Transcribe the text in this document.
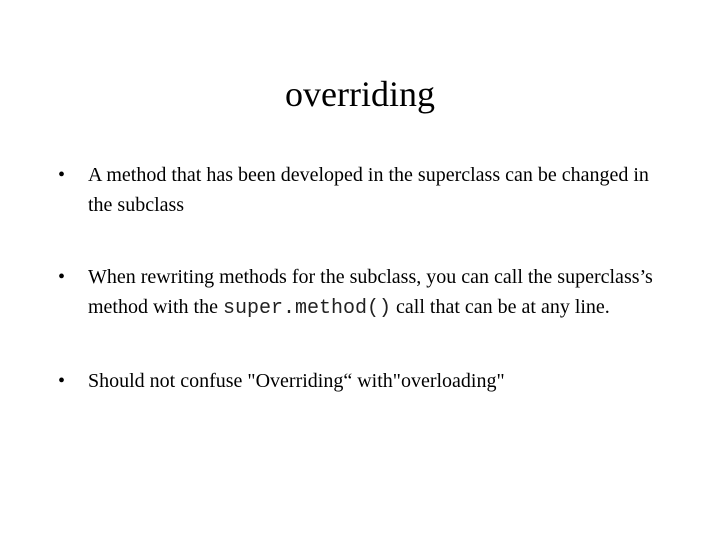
overriding
•	A method that has been developed in the superclass can be changed in the subclass
•	When rewriting methods for the subclass, you can call the superclass’s method with the super.method() call that can be at any line.
•	Should not confuse "Overriding“ with"overloading"
